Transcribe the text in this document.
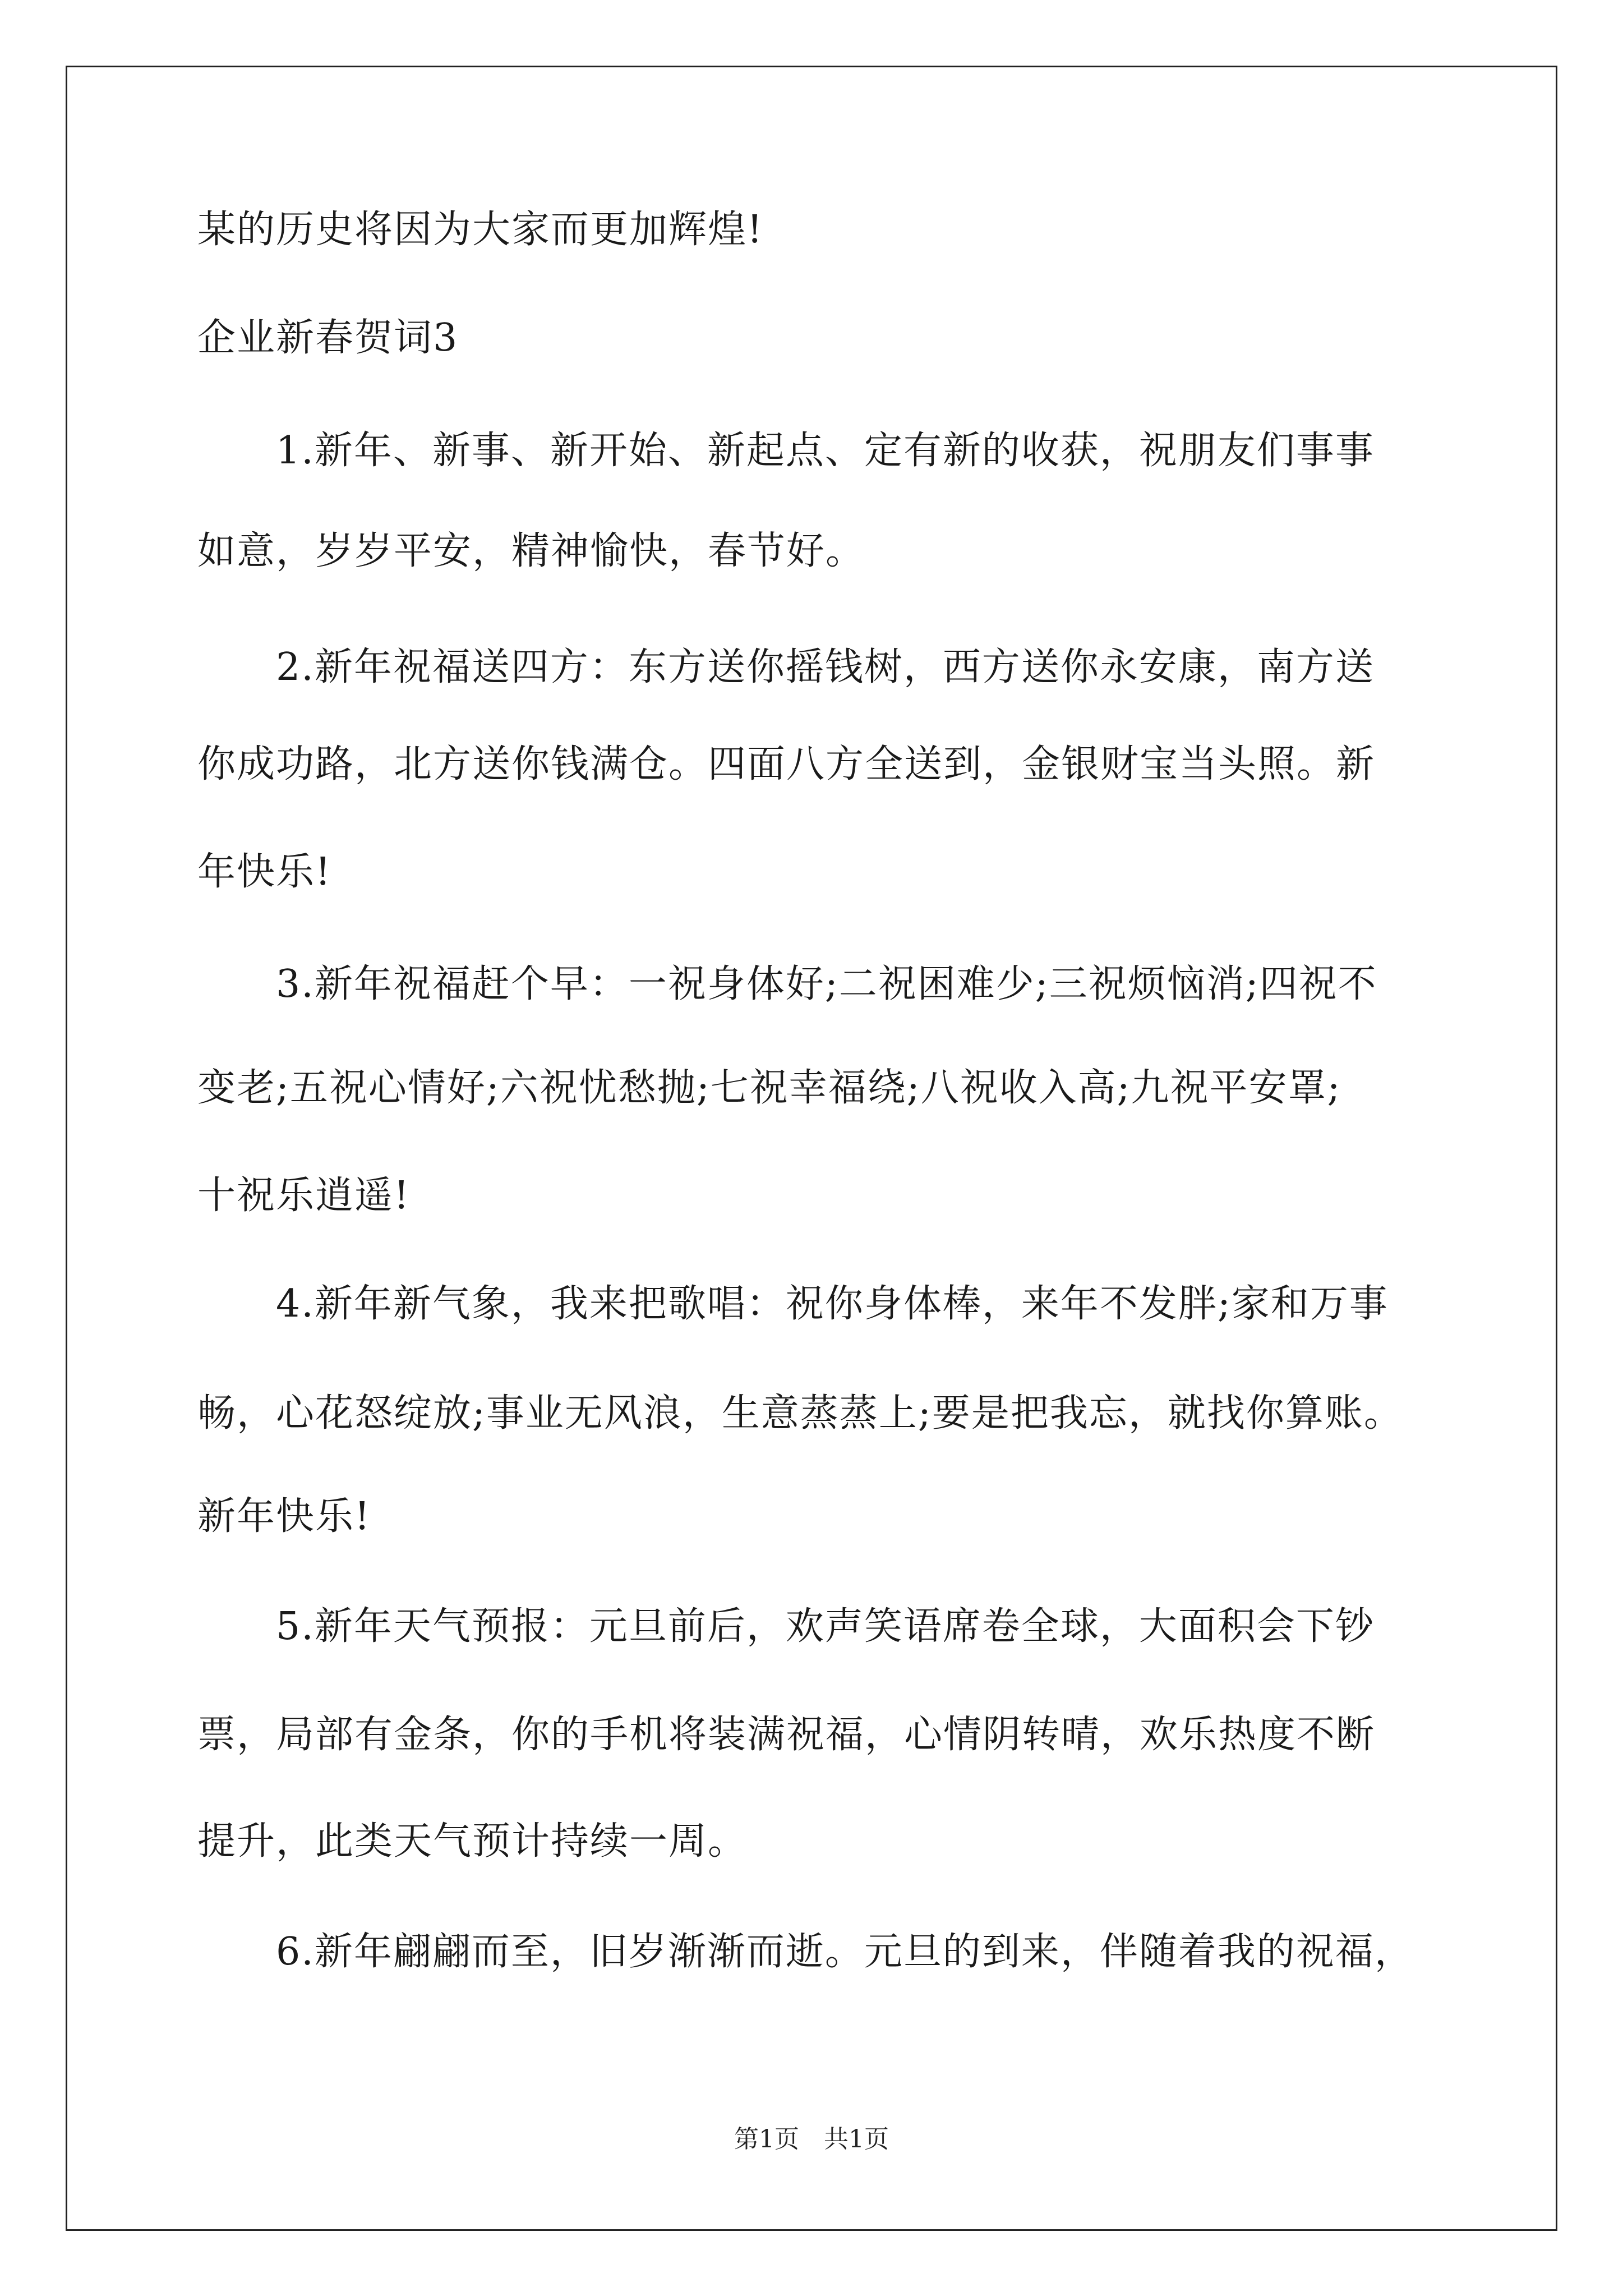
某的历史将因为大家而更加辉煌!
企业新春贺词3
1.新年、新事、新开始、新起点、定有新的收获，祝朋友们事事
如意，岁岁平安，精神愉快，春节好。
2.新年祝福送四方：东方送你摇钱树，西方送你永安康，南方送
你成功路，北方送你钱满仓。四面八方全送到，金银财宝当头照。新
年快乐!
3.新年祝福赶个早：一祝身体好;二祝困难少;三祝烦恼消;四祝不
变老;五祝心情好;六祝忧愁抛;七祝幸福绕;八祝收入高;九祝平安罩;
十祝乐逍遥!
4.新年新气象，我来把歌唱：祝你身体棒，来年不发胖;家和万事
畅，心花怒绽放;事业无风浪，生意蒸蒸上;要是把我忘，就找你算账。
新年快乐!
5.新年天气预报：元旦前后，欢声笑语席卷全球，大面积会下钞
票，局部有金条，你的手机将装满祝福，心情阴转晴，欢乐热度不断
提升，此类天气预计持续一周。
6.新年翩翩而至，旧岁渐渐而逝。元旦的到来，伴随着我的祝福，
第1页　共1页
